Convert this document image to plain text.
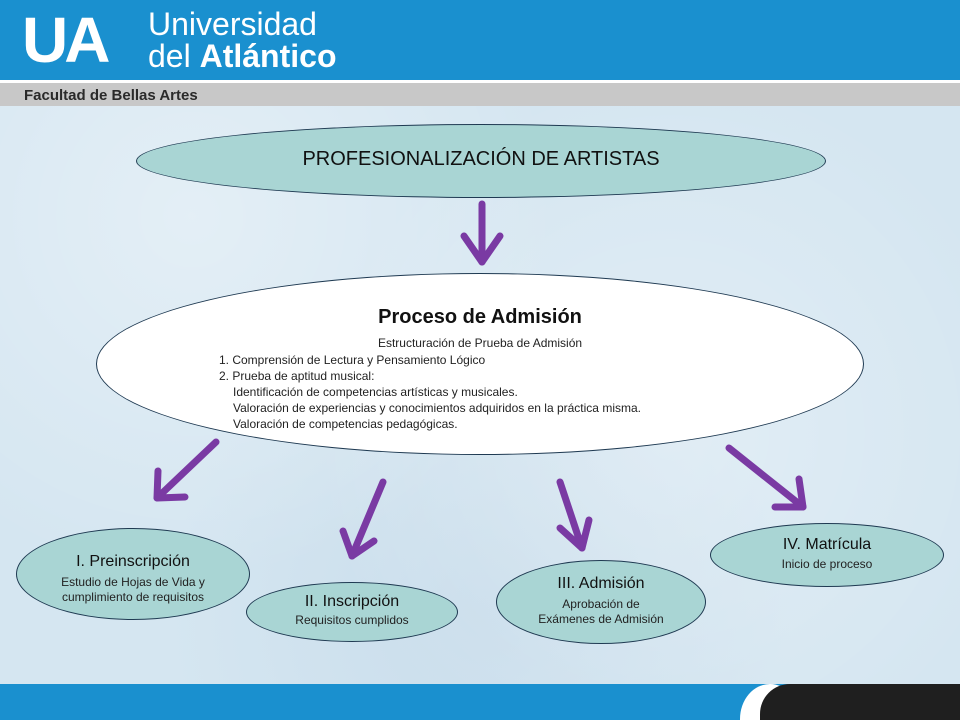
UA Universidad
del Atlántico
Facultad de Bellas Artes
PROFESIONALIZACIÓN DE ARTISTAS
Proceso de Admisión
Estructuración de Prueba de Admisión
1. Comprensión de Lectura y Pensamiento Lógico
2. Prueba de aptitud musical:
Identificación de competencias artísticas y musicales.
Valoración de experiencias y conocimientos adquiridos en la práctica misma.
Valoración de competencias pedagógicas.
I. Preinscripción
Estudio de Hojas de Vida y
cumplimiento de requisitos	II. Inscripción
Requisitos cumplidos
III. Admisión
Aprobación de
Exámenes de Admisión
IV. Matrícula
Inicio de proceso
